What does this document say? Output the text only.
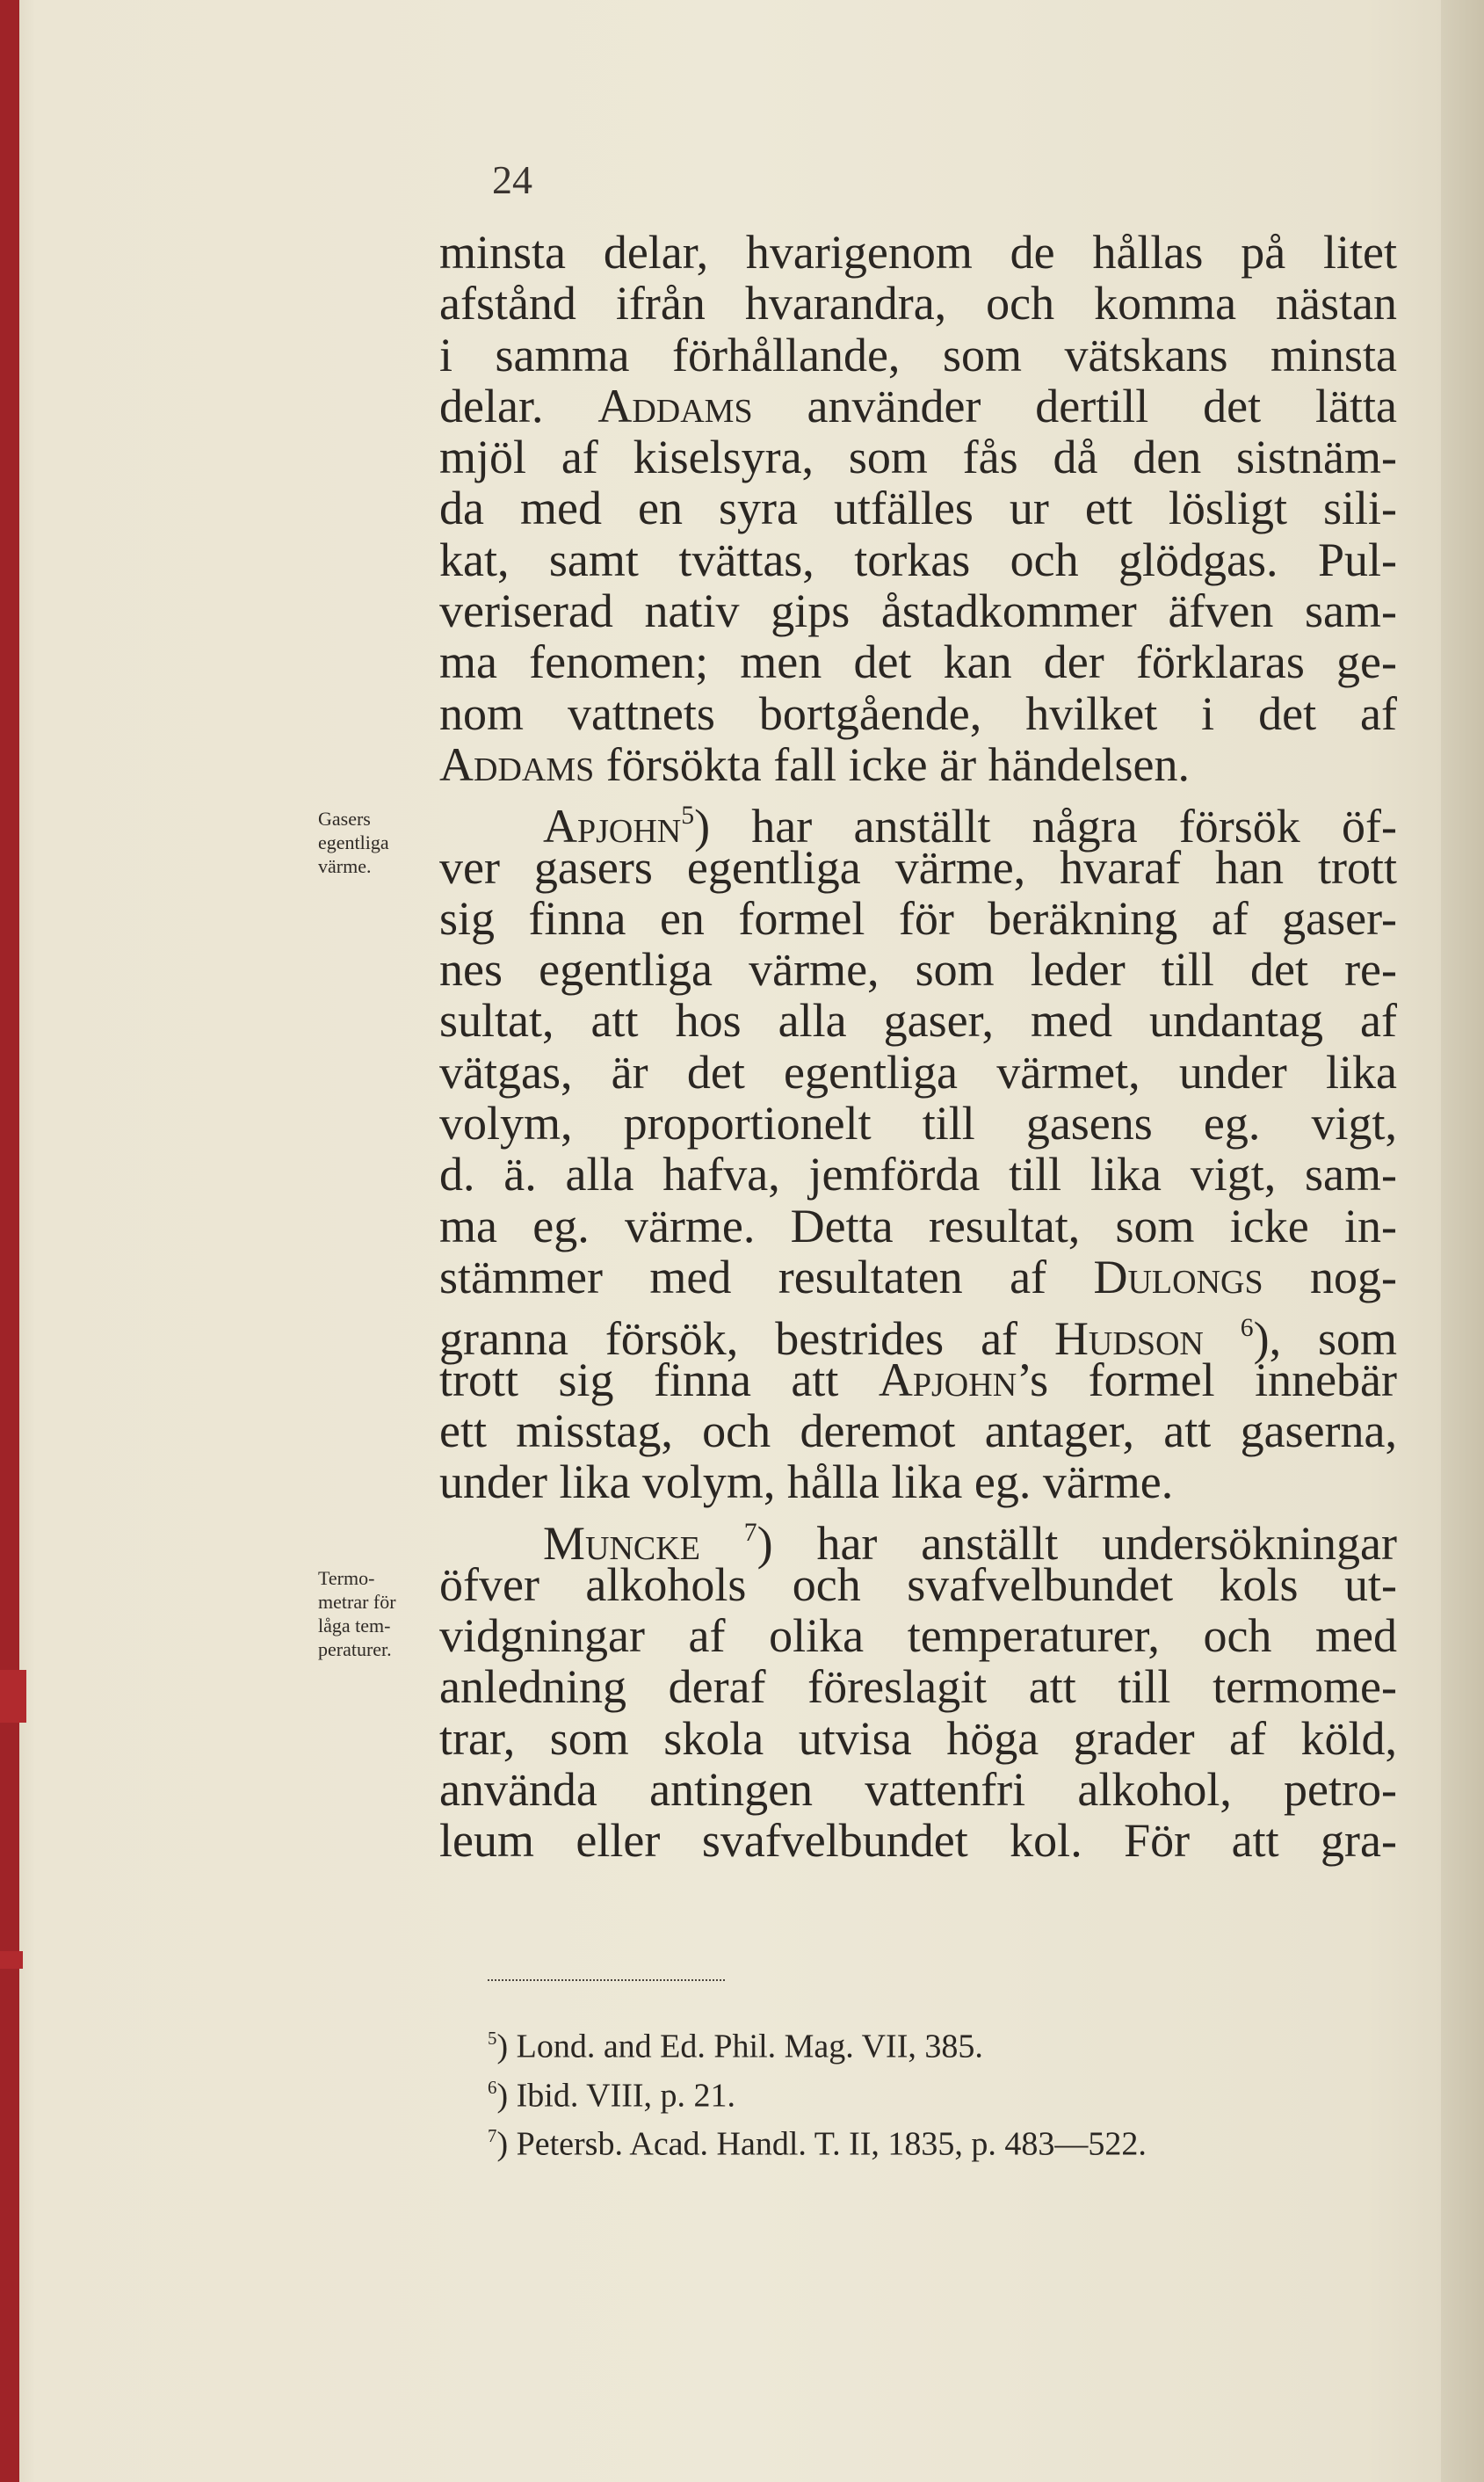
24
Gasers
egentliga
värme.
Termo-
metrar för
låga tem-
peraturer.
minsta delar, hvarigenom de hållas på litet
afstånd ifrån hvarandra, och komma nästan
i samma förhållande, som vätskans minsta
delar. Addams använder dertill det lätta
mjöl af kiselsyra, som fås då den sistnäm-
da med en syra utfälles ur ett lösligt sili-
kat, samt tvättas, torkas och glödgas. Pul-
veriserad nativ gips åstadkommer äfven sam-
ma fenomen; men det kan der förklaras ge-
nom vattnets bortgående, hvilket i det af
Addams försökta fall icke är händelsen.
Apjohn$^5$) har anställt några försök öf-
ver gasers egentliga värme, hvaraf han trott
sig finna en formel för beräkning af gaser-
nes egentliga värme, som leder till det re-
sultat, att hos alla gaser, med undantag af
vätgas, är det egentliga värmet, under lika
volym, proportionelt till gasens eg. vigt,
d. ä. alla hafva, jemförda till lika vigt, sam-
ma eg. värme. Detta resultat, som icke in-
stämmer med resultaten af Dulongs nog-
granna försök, bestrides af Hudson $^6$), som
trott sig finna att Apjohn’s formel innebär
ett misstag, och deremot antager, att gaserna,
under lika volym, hålla lika eg. värme.
Muncke $^7$) har anställt undersökningar
öfver alkohols och svafvelbundet kols ut-
vidgningar af olika temperaturer, och med
anledning deraf föreslagit att till termome-
trar, som skola utvisa höga grader af köld,
använda antingen vattenfri alkohol, petro-
leum eller svafvelbundet kol. För att gra-
$^5$) Lond. and Ed. Phil. Mag. VII, 385.
$^6$) Ibid. VIII, p. 21.
$^7$) Petersb. Acad. Handl. T. II, 1835, p. 483—522.
